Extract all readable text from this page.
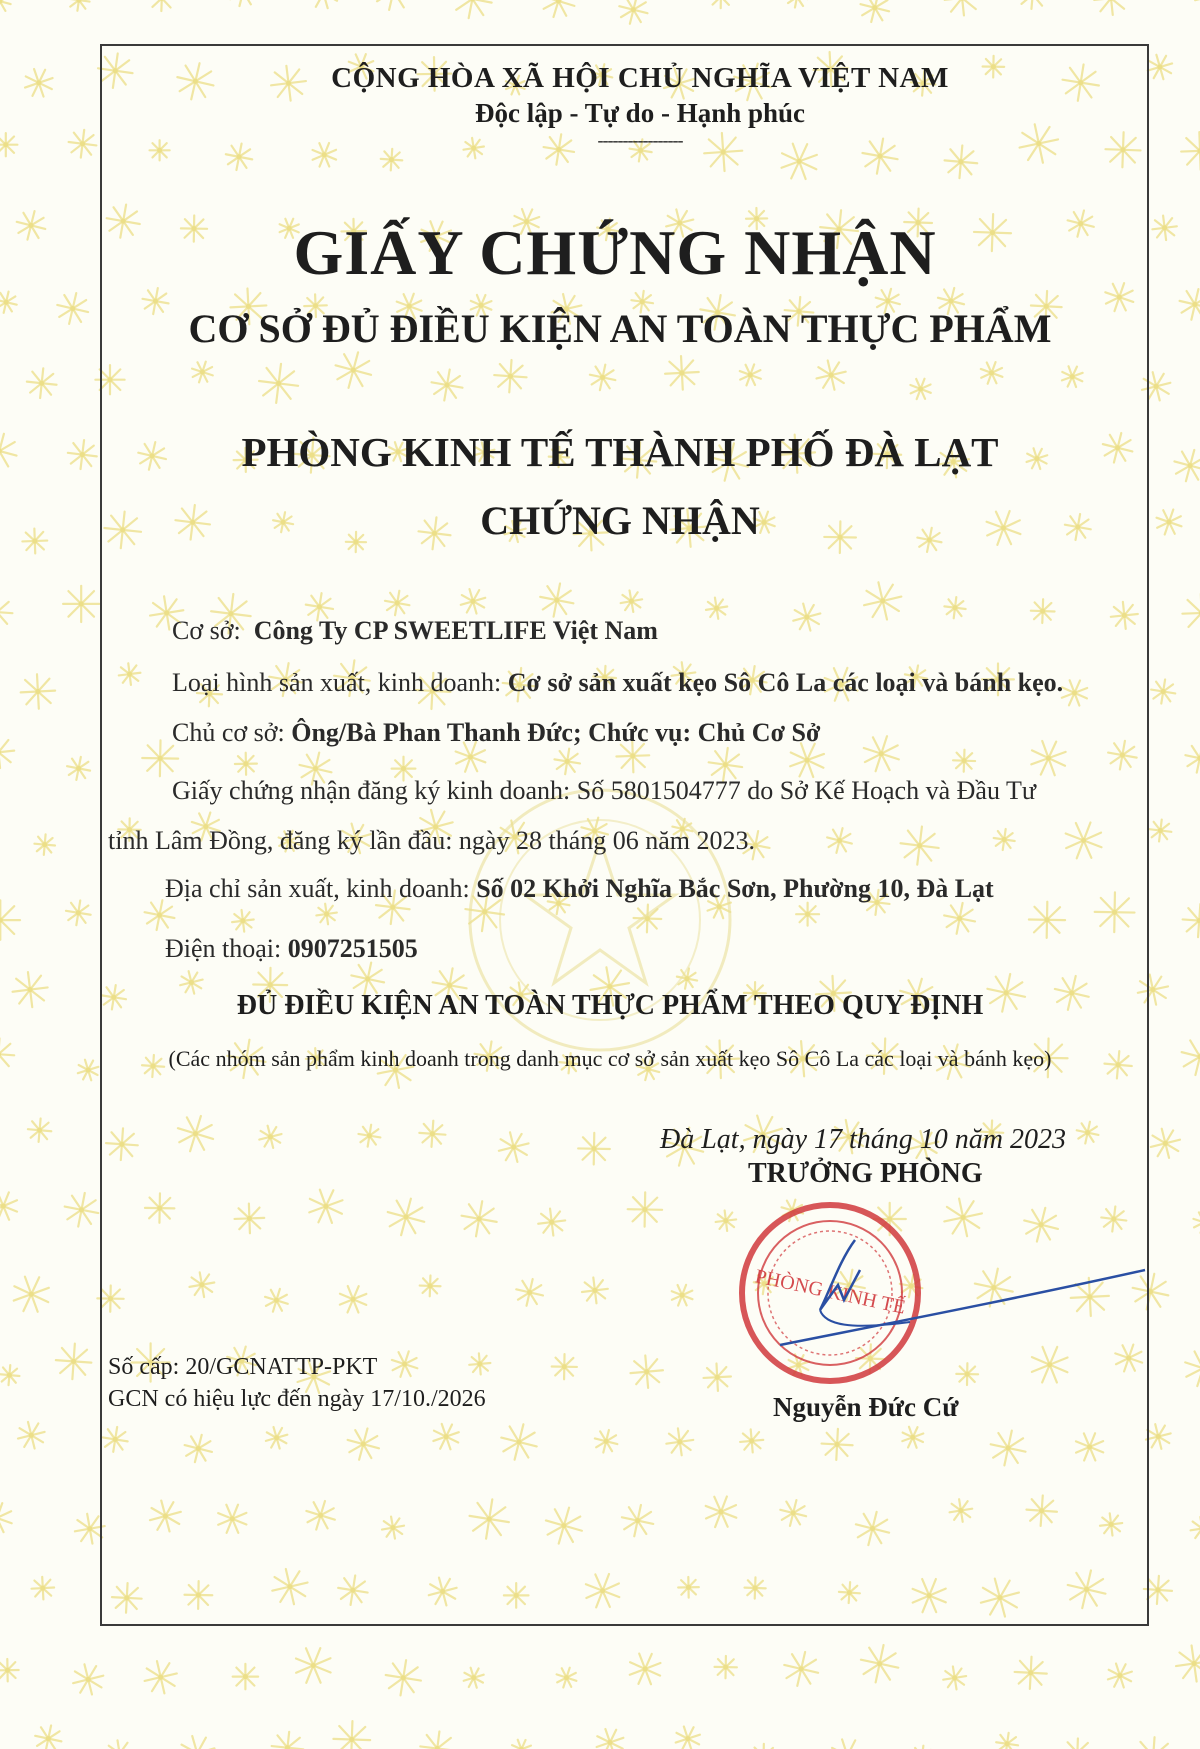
CỘNG HÒA XÃ HỘI CHỦ NGHĨA VIỆT NAM
Độc lập - Tự do - Hạnh phúc
-----------------
GIẤY CHỨNG NHẬN
CƠ SỞ ĐỦ ĐIỀU KIỆN AN TOÀN THỰC PHẨM
PHÒNG KINH TẾ THÀNH PHỐ ĐÀ LẠT
CHỨNG NHẬN
Cơ sở: Công Ty CP SWEETLIFE Việt Nam
Loại hình sản xuất, kinh doanh: Cơ sở sản xuất kẹo Sô Cô La các loại và bánh kẹo.
Chủ cơ sở: Ông/Bà Phan Thanh Đức; Chức vụ: Chủ Cơ Sở
Giấy chứng nhận đăng ký kinh doanh: Số 5801504777 do Sở Kế Hoạch và Đầu Tư
tỉnh Lâm Đồng, đăng ký lần đầu: ngày 28 tháng 06 năm 2023.
Địa chỉ sản xuất, kinh doanh: Số 02 Khởi Nghĩa Bắc Sơn, Phường 10, Đà Lạt
Điện thoại: 0907251505
ĐỦ ĐIỀU KIỆN AN TOÀN THỰC PHẨM THEO QUY ĐỊNH
(Các nhóm sản phẩm kinh doanh trong danh mục cơ sở sản xuất kẹo Sô Cô La các loại và bánh kẹo)
Đà Lạt, ngày 17 tháng 10 năm 2023
TRƯỞNG PHÒNG
PHÒNG KINH TẾ
Số cấp: 20/GCNATTP-PKT
GCN có hiệu lực đến ngày 17/10./2026	Nguyễn Đức Cứ
